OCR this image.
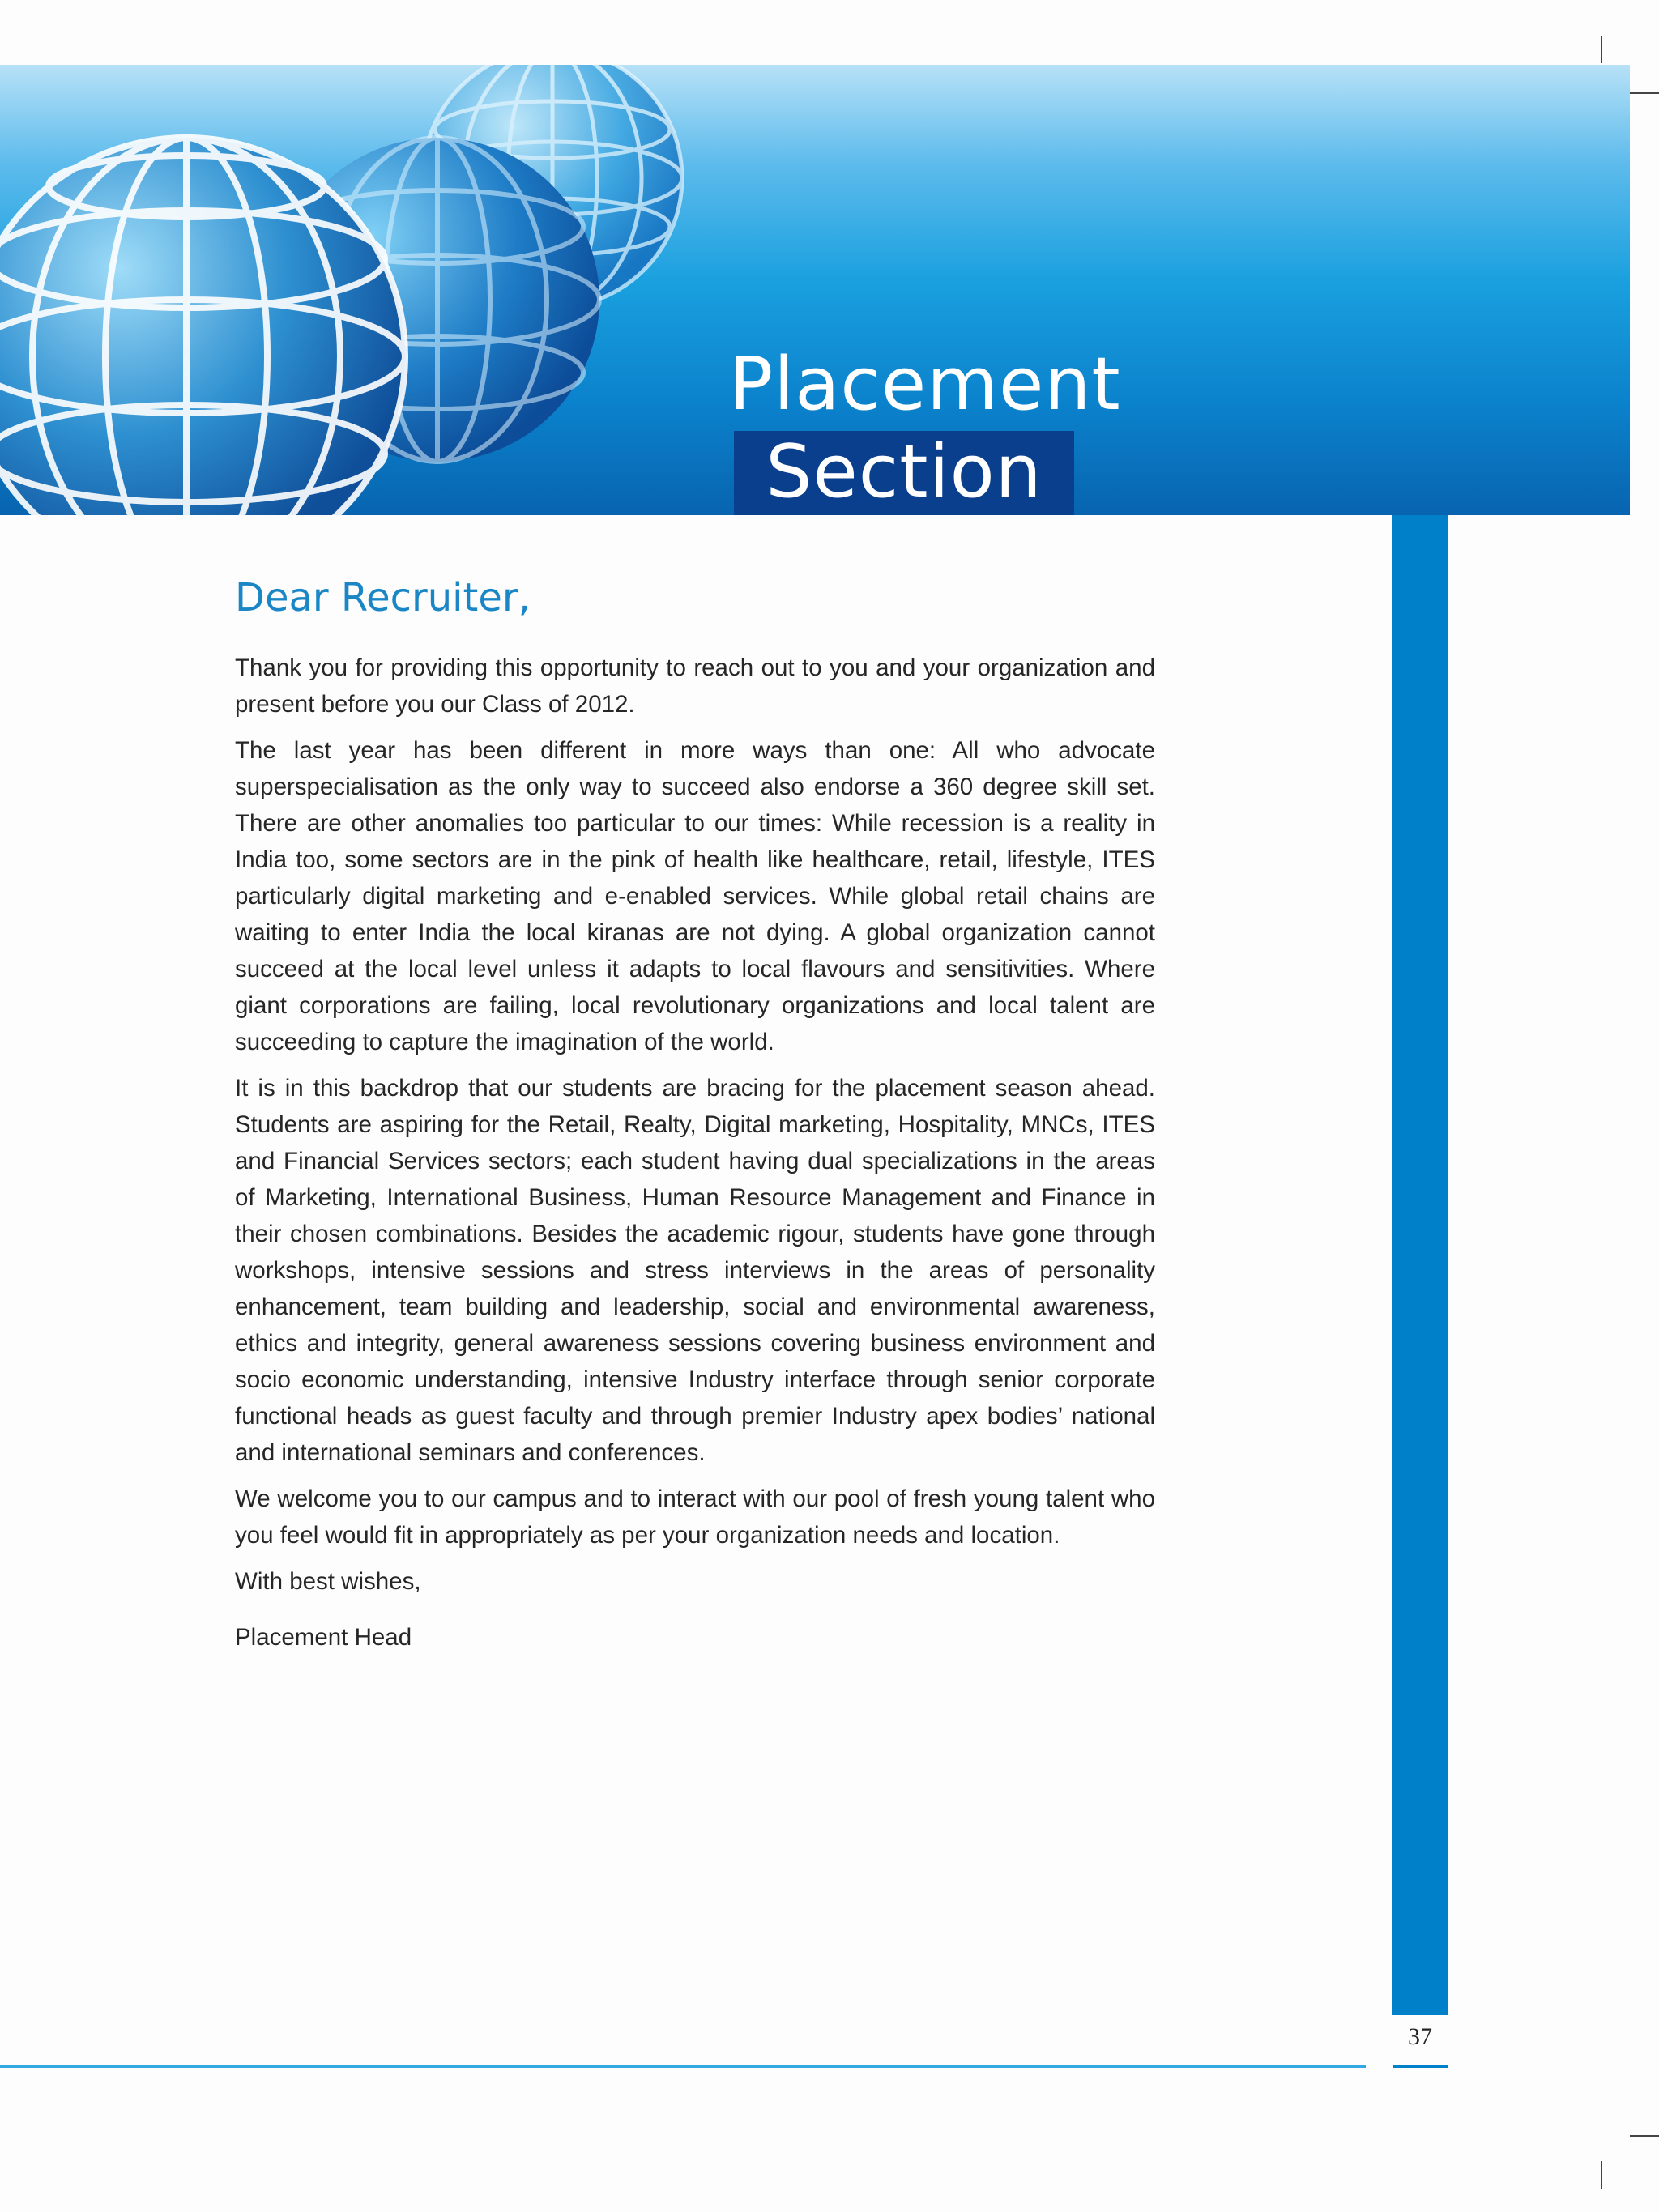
Placement
Section
Dear Recruiter,

Thank you for providing this opportunity to reach out to you and your organization and present before you our Class of 2012.

The last year has been different in more ways than one: All who advocate superspecialisation as the only way to succeed also endorse a 360 degree skill set. There are other anomalies too particular to our times: While recession is a reality in India too, some sectors are in the pink of health like healthcare, retail, lifestyle, ITES particularly digital marketing and e-enabled services. While global retail chains are waiting to enter India the local kiranas are not dying. A global organization cannot succeed at the local level unless it adapts to local flavours and sensitivities. Where giant corporations are failing, local revolutionary organizations and local talent are succeeding to capture the imagination of the world.

It is in this backdrop that our students are bracing for the placement season ahead. Students are aspiring for the Retail, Realty, Digital marketing, Hospitality, MNCs, ITES and Financial Services sectors; each student having dual specializations in the areas of Marketing, International Business, Human Resource Management and Finance in their chosen combinations. Besides the academic rigour, students have gone through workshops, intensive sessions and stress interviews in the areas of personality enhancement, team building and leadership, social and environmental awareness, ethics and integrity, general awareness sessions covering business environment and socio economic understanding, intensive Industry interface through senior corporate functional heads as guest faculty and through premier Industry apex bodies’ national and international seminars and conferences.

We welcome you to our campus and to interact with our pool of fresh young talent who you feel would fit in appropriately as per your organization needs and location.

With best wishes,

Placement Head

37
